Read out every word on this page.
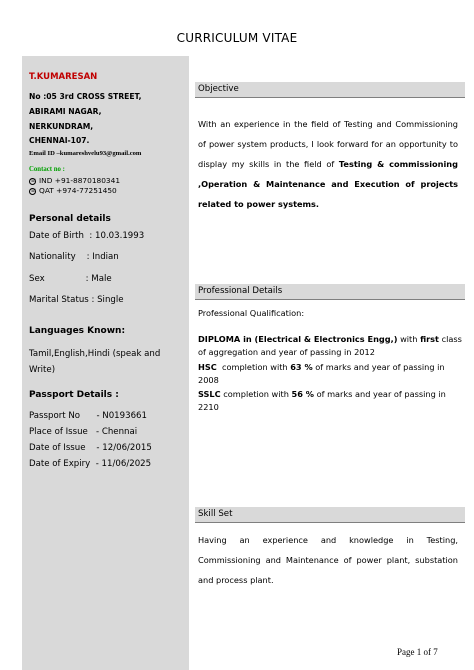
CURRICULUM VITAE
T.KUMARESAN
No :05 3rd CROSS STREET,
ABIRAMI NAGAR,
NERKUNDRAM,
CHENNAI-107.
Email ID –kumareshvelu93@gmail.com
Contact no :
☏ IND +91-8870180341
☏ QAT +974-77251450
Personal details
Date of Birth  : 10.03.1993
Nationality    : Indian
Sex               : Male
Marital Status : Single
Languages Known:
Tamil,English,Hindi (speak and Write)
Passport Details :
Passport No      - N0193661
Place of Issue   - Chennai
Date of Issue    - 12/06/2015
Date of Expiry  - 11/06/2025
Objective
With an experience in the field of Testing and Commissioning of power system products, I look forward for an opportunity to display my skills in the field of Testing & commissioning ,Operation & Maintenance and Execution of projects related to power systems.
Professional Details
Professional Qualification:
DIPLOMA in (Electrical & Electronics Engg,) with first class of aggregation and year of passing in 2012
HSC  completion with 63 % of marks and year of passing in 2008
SSLC completion with 56 % of marks and year of passing in 2210
Skill Set
Having an experience and knowledge in Testing, Commissioning and Maintenance of power plant, substation and process plant.
Page 1 of 7
